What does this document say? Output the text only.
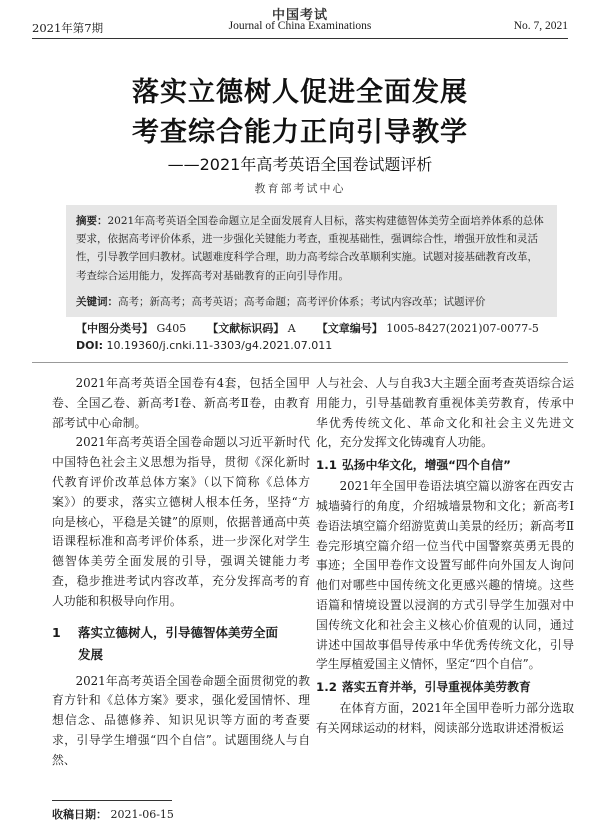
中国考试
2021年第7期	Journal of China Examinations	No. 7, 2021
落实立德树人促进全面发展
考查综合能力正向引导教学
——2021年高考英语全国卷试题评析
教育部考试中心

摘要：2021年高考英语全国卷命题立足全面发展育人目标，落实构建德智体美劳全面培养体系的总体要求，依据高考评价体系，进一步强化关键能力考查，重视基础性，强调综合性，增强开放性和灵活性，引导教学回归教材。试题难度科学合理，助力高考综合改革顺利实施。试题对接基础教育改革，考查综合运用能力，发挥高考对基础教育的正向引导作用。

关键词：高考；新高考；高考英语；高考命题；高考评价体系；考试内容改革；试题评价
【中图分类号】 G405 【文献标识码】 A 【文章编号】 1005-8427(2021)07-0077-5
DOI: 10.19360/j.cnki.11-3303/g4.2021.07.011

2021年高考英语全国卷有4套，包括全国甲卷、全国乙卷、新高考Ⅰ卷、新高考Ⅱ卷，由教育部考试中心命制。

2021年高考英语全国卷命题以习近平新时代中国特色社会主义思想为指导，贯彻《深化新时代教育评价改革总体方案》（以下简称《总体方案》）的要求，落实立德树人根本任务，坚持“方向是核心，平稳是关键”的原则，依据普通高中英语课程标准和高考评价体系，进一步深化对学生德智体美劳全面发展的引导，强调关键能力考查，稳步推进考试内容改革，充分发挥高考的育人功能和积极导向作用。

1 落实立德树人，引导德智体美劳全面
发展

2021年高考英语全国卷命题全面贯彻党的教育方针和《总体方案》要求，强化爱国情怀、理想信念、品德修养、知识见识等方面的考查要求，引导学生增强“四个自信”。试题围绕人与自然、

人与社会、人与自我3大主题全面考查英语综合运用能力，引导基础教育重视体美劳教育，传承中华优秀传统文化、革命文化和社会主义先进文化，充分发挥文化铸魂育人功能。

1.1 弘扬中华文化，增强“四个自信”

2021年全国甲卷语法填空篇以游客在西安古城墙骑行的角度，介绍城墙景物和文化；新高考Ⅰ卷语法填空篇介绍游览黄山美景的经历；新高考Ⅱ卷完形填空篇介绍一位当代中国警察英勇无畏的事迹；全国甲卷作文设置写邮件向外国友人询问他们对哪些中国传统文化更感兴趣的情境。这些语篇和情境设置以浸润的方式引导学生加强对中国传统文化和社会主义核心价值观的认同，通过讲述中国故事倡导传承中华优秀传统文化，引导学生厚植爱国主义情怀，坚定“四个自信”。

1.2 落实五育并举，引导重视体美劳教育

在体育方面，2021年全国甲卷听力部分选取有关网球运动的材料，阅读部分选取讲述滑板运

收稿日期： 2021-06-15
